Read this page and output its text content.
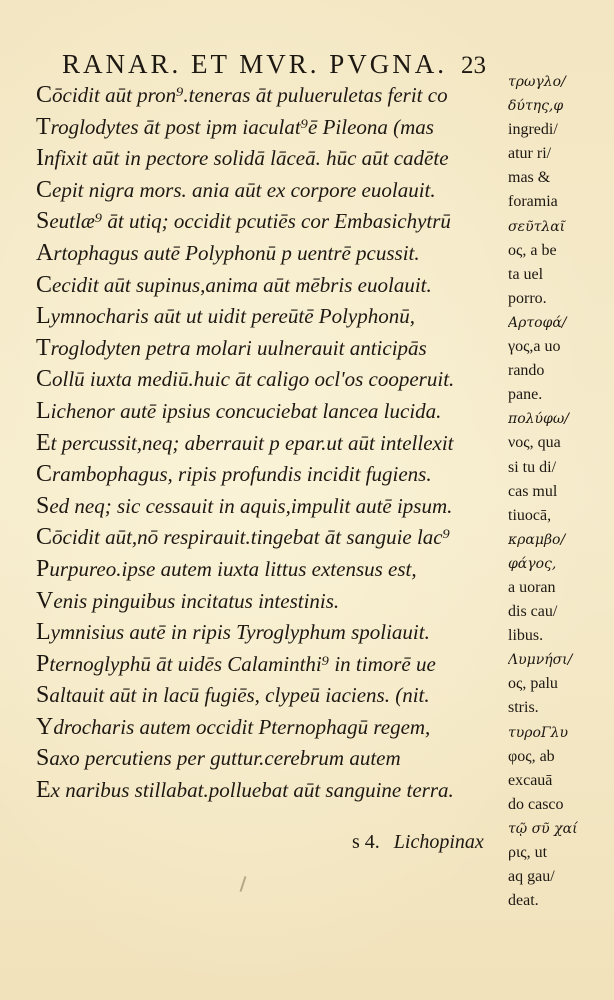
RANAR. ET MVR. PVGNA. 23
Cōcidit aūt pron⁹.teneras āt pulueruletas ferit co
Troglodytes āt post ipm iaculat⁹ē Pileona (mas
Infixit aūt in pectore solidā lāceā. hūc aūt cadēte
Cepit nigra mors. ania aūt ex corpore euolauit.
Seutlæ⁹ āt utiq; occidit pcutiēs cor Embasichytrū
Artophagus autē Polyphonū p uentrē pcussit.
Cecidit aūt supinus,anima aūt mēbris euolauit.
Lymnocharis aūt ut uidit pereūtē Polyphonū,
Troglodyten petra molari uulnerauit anticipās
Collū iuxta mediū.huic āt caligo ocl'os cooperuit.
Lichenor autē ipsius concuciebat lancea lucida.
Et percussit,neq; aberrauit p epar.ut aūt intellexit
Crambophagus, ripis profundis incidit fugiens.
Sed neq; sic cessauit in aquis,impulit autē ipsum.
Cōcidit aūt,nō respirauit.tingebat āt sanguie lac⁹
Purpureo.ipse autem iuxta littus extensus est,
Venis pinguibus incitatus intestinis.
Lymnisius autē in ripis Tyroglyphum spoliauit.
Pternoglyphū āt uidēs Calaminthi⁹ in timorē ue
Saltauit aūt in lacū fugiēs, clypeū iaciens. (nit.
Ydrocharis autem occidit Pternophagū regem,
Saxo percutiens per guttur.cerebrum autem
Ex naribus stillabat.polluebat aūt sanguine terra.
s 4. Lichopinax
τρωγλο/
δύτης,φ
ingredi/
atur ri/
mas &
foramia
σεῦτλαῖ
ος, a be
ta uel
porro.
Αρτοφά/
γος,a uo
rando
pane.
πολύφω/
νος, qua
si tu di/
cas mul
tiuocā,
κραμβο/
φάγος,
a uoran
dis cau/
libus.
Λυμνήσι/
ος, palu
stris.
τυροΓλυ
φος, ab
excauā
do casco
τῷ σῦ χαί
ρις, ut
aq gau/
deat.
